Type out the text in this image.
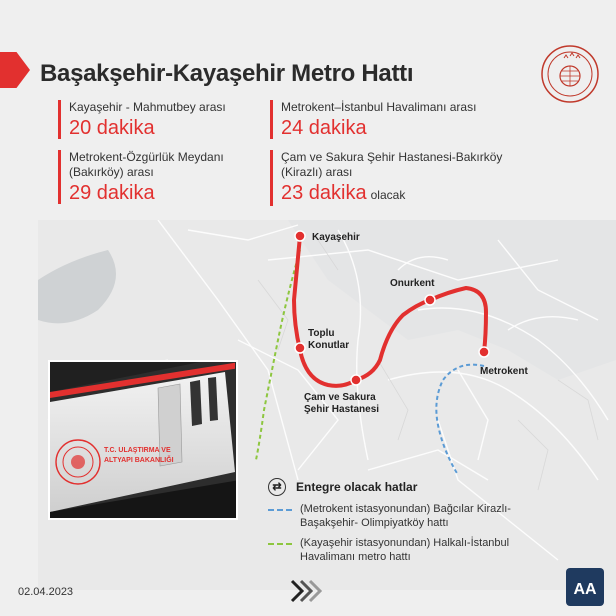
Başakşehir-Kayaşehir Metro Hattı
Kayaşehir - Mahmutbey arası
20 dakika
Metrokent–İstanbul Havalimanı arası
24 dakika
Metrokent-Özgürlük Meydanı
(Bakırköy) arası
29 dakika
Çam ve Sakura Şehir Hastanesi-Bakırköy
(Kirazlı) arası
23 dakika olacak
Kayaşehir
Onurkent
Toplu
Konutlar
Çam ve Sakura
Şehir Hastanesi
Metrokent
T.C. ULAŞTIRMA VE
ALTYAPI BAKANLIĞI
⇄	Entegre olacak hatlar
(Metrokent istasyonundan) Bağcılar Kirazlı-
Başakşehir- Olimpiyatköy hattı
(Kayaşehir istasyonundan) Halkalı-İstanbul
Havalimanı metro hattı
02.04.2023	AA
